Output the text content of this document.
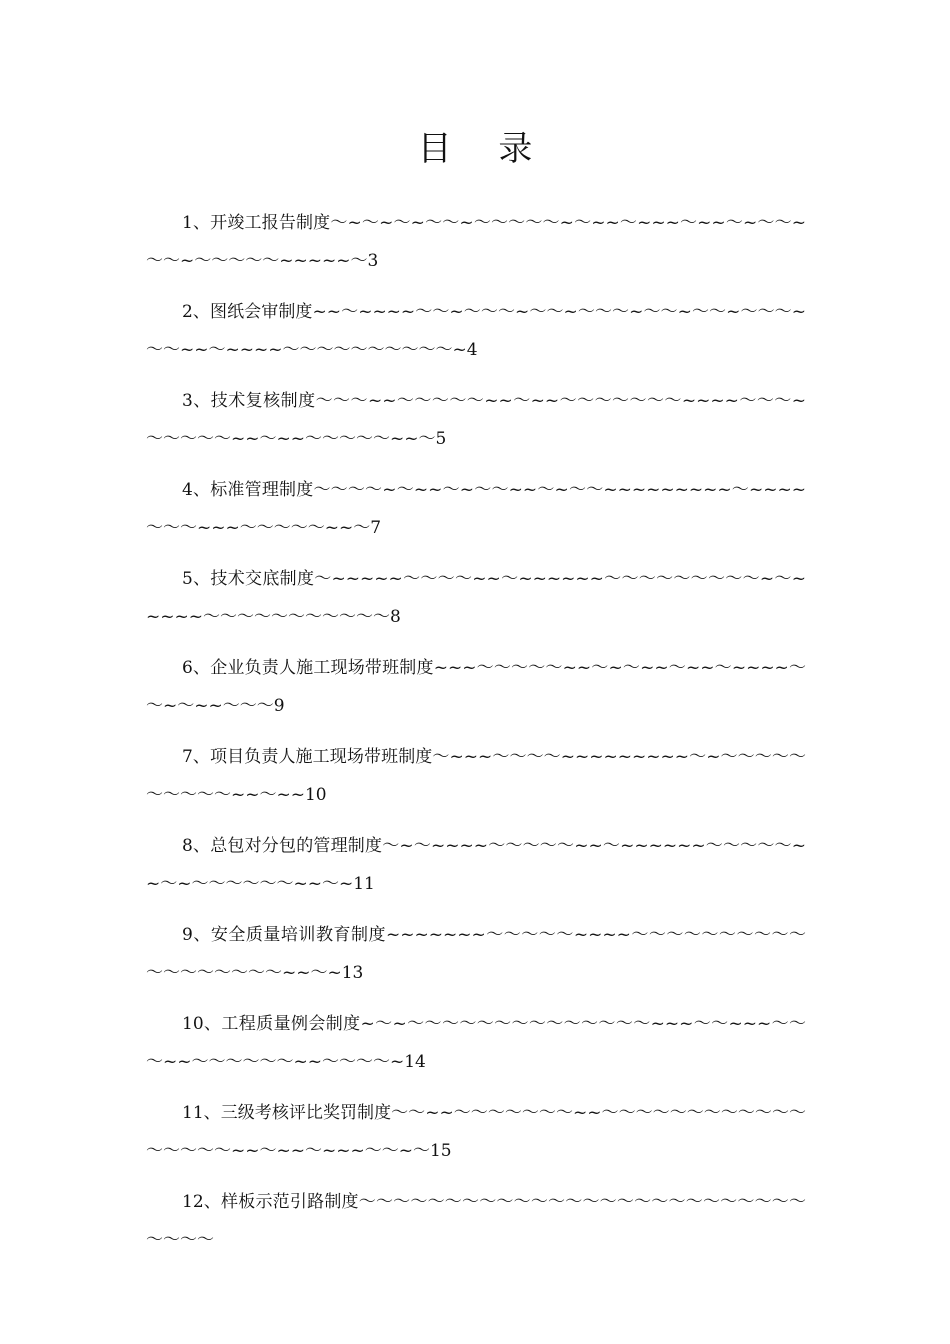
目 录
1、开竣工报告制度～~～~～~～～~～～～～～~～~~～~~~～~~～~～～~～～~～～～～～~~~~~～3
2、图纸会审制度~~～~~~~～～~～～～~～～~～～～~～～~～～~～～～~～～~~～~~~~～～～～～～～～～～~4
3、技术复核制度～～～~~～～～～～~~～~~～～～～～～～~~~~～～～~～～～～～~~～~~～～～～～~~～5
4、标准管理制度～～～～~～~~～~～～~~～~～～~~~~~~~~~～~~~~～～～~~~～～～～～~~～7
5、技术交底制度～~~~~~～～～～~~～~~~~~~～～～～～～～～～~～~~~~~～～～～～～～～～～～8
6、企业负责人施工现场带班制度~~~～～～～～~~～~～~~～~~～~~~~～～~～~~～～～9
7、项目负责人施工现场带班制度～~~~～～～～~~~~~~~~~～~～～～～～～～～～～~~～~~10
8、总包对分包的管理制度～~～~~~~～～～～～~~～~~~~~~～～～～～~~～~～～～～～～~~～~11
9、安全质量培训教育制度~~~~~~~～～～～～~~~~～～～～～～～～～～～～～～～～～～~~～~13
10、工程质量例会制度~～~～～～～～～～～～～～～～～~~~～～~~~～～～~~～～～～～～~~～～～～~14
11、三级考核评比奖罚制度～～~~～～～～～～～~~～～～～～～～～～～～～～～～～～~~～~~～~~~～～~～15
12、样板示范引路制度～～～～～～～～～～～～～～～～～～～～～～～～～～～～～～
